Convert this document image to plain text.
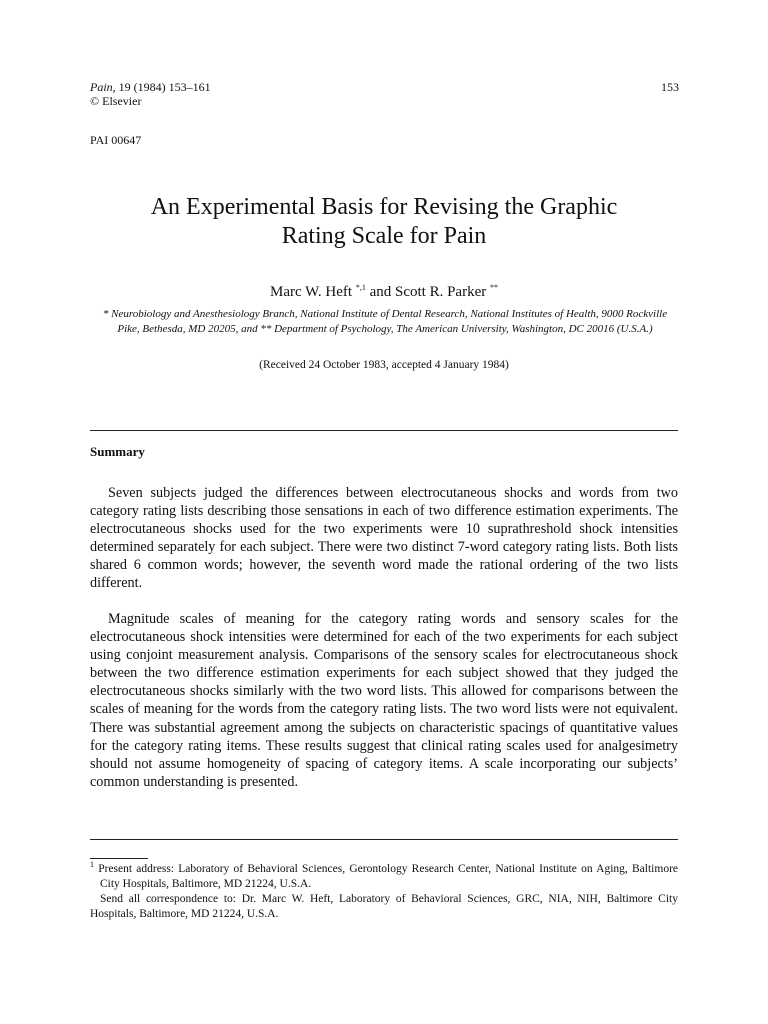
Pain, 19 (1984) 153–161
© Elsevier
153
PAI 00647
An Experimental Basis for Revising the Graphic
Rating Scale for Pain
Marc W. Heft $^{*,1}$ and Scott R. Parker **
* Neurobiology and Anesthesiology Branch, National Institute of Dental Research, National Institutes of Health, 9000 Rockville Pike, Bethesda, MD 20205, and ** Department of Psychology, The American University, Washington, DC 20016 (U.S.A.)
(Received 24 October 1983, accepted 4 January 1984)
Summary

Seven subjects judged the differences between electrocutaneous shocks and words from two category rating lists describing those sensations in each of two difference estimation experiments. The electrocutaneous shocks used for the two experiments were 10 suprathreshold shock intensities determined separately for each subject. There were two distinct 7-word category rating lists. Both lists shared 6 common words; however, the seventh word made the rational ordering of the two lists different.

Magnitude scales of meaning for the category rating words and sensory scales for the electrocutaneous shock intensities were determined for each of the two experiments for each subject using conjoint measurement analysis. Comparisons of the sensory scales for electrocutaneous shock between the two difference estimation experiments for each subject showed that they judged the electrocutaneous shocks similarly with the two word lists. This allowed for comparisons between the scales of meaning for the words from the category rating lists. The two word lists were not equivalent. There was substantial agreement among the subjects on characteristic spacings of quantitative values for the category rating items. These results suggest that clinical rating scales used for analgesimetry should not assume homogeneity of spacing of category items. A scale incorporating our subjects’ common understanding is presented.

$^1$ Present address: Laboratory of Behavioral Sciences, Gerontology Research Center, National Institute on Aging, Baltimore City Hospitals, Baltimore, MD 21224, U.S.A.

Send all correspondence to: Dr. Marc W. Heft, Laboratory of Behavioral Sciences, GRC, NIA, NIH, Baltimore City Hospitals, Baltimore, MD 21224, U.S.A.
